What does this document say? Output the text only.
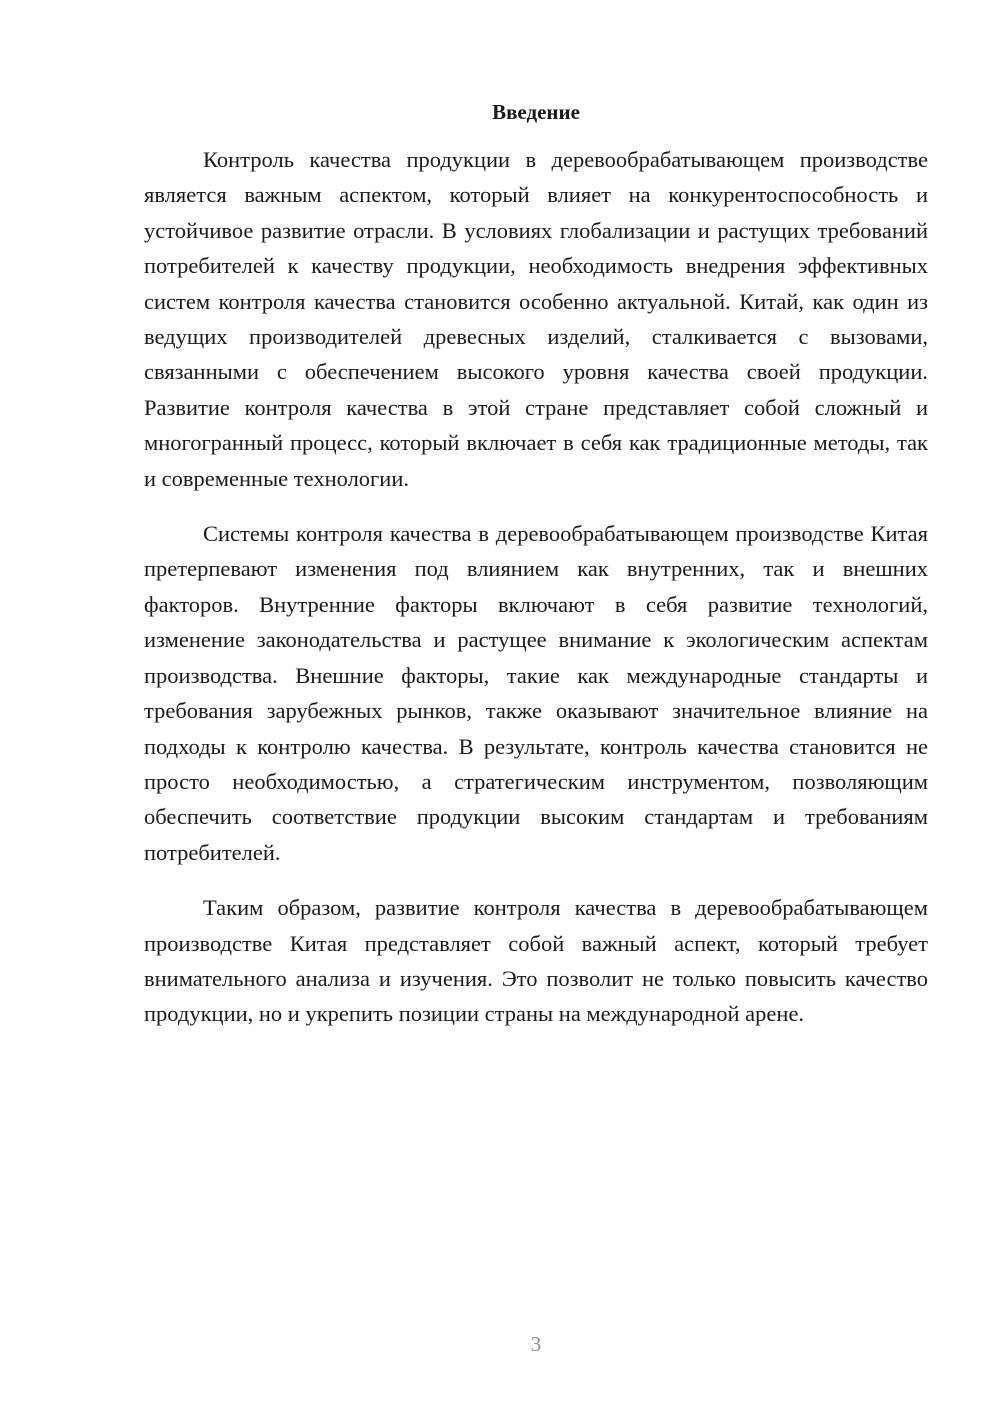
Введение

Контроль качества продукции в деревообрабатывающем производстве является важным аспектом, который влияет на конкурентоспособность и устойчивое развитие отрасли. В условиях глобализации и растущих требований потребителей к качеству продукции, необходимость внедрения эффективных систем контроля качества становится особенно актуальной. Китай, как один из ведущих производителей древесных изделий, сталкивается с вызовами, связанными с обеспечением высокого уровня качества своей продукции. Развитие контроля качества в этой стране представляет собой сложный и многогранный процесс, который включает в себя как традиционные методы, так и современные технологии.

Системы контроля качества в деревообрабатывающем производстве Китая претерпевают изменения под влиянием как внутренних, так и внешних факторов. Внутренние факторы включают в себя развитие технологий, изменение законодательства и растущее внимание к экологическим аспектам производства. Внешние факторы, такие как международные стандарты и требования зарубежных рынков, также оказывают значительное влияние на подходы к контролю качества. В результате, контроль качества становится не просто необходимостью, а стратегическим инструментом, позволяющим обеспечить соответствие продукции высоким стандартам и требованиям потребителей.

Таким образом, развитие контроля качества в деревообрабатывающем производстве Китая представляет собой важный аспект, который требует внимательного анализа и изучения. Это позволит не только повысить качество продукции, но и укрепить позиции страны на международной арене.

3
